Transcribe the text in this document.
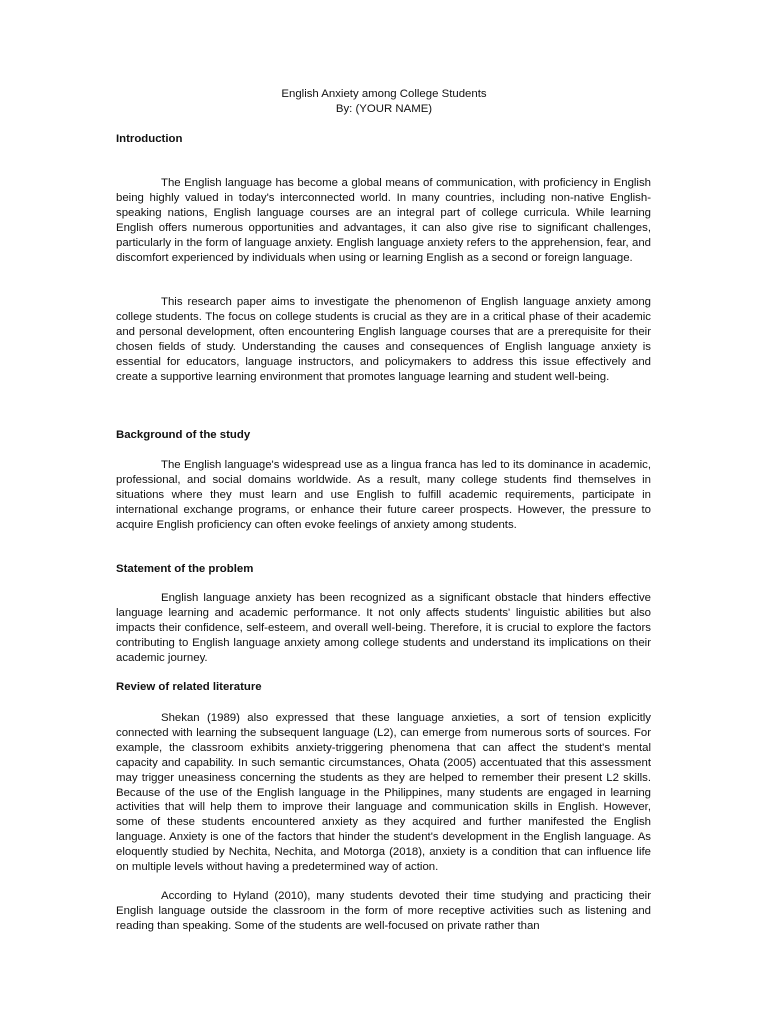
English Anxiety among College Students
By: (YOUR NAME)
Introduction

The English language has become a global means of communication, with proficiency in English being highly valued in today's interconnected world. In many countries, including non-native English-speaking nations, English language courses are an integral part of college curricula. While learning English offers numerous opportunities and advantages, it can also give rise to significant challenges, particularly in the form of language anxiety. English language anxiety refers to the apprehension, fear, and discomfort experienced by individuals when using or learning English as a second or foreign language.

This research paper aims to investigate the phenomenon of English language anxiety among college students. The focus on college students is crucial as they are in a critical phase of their academic and personal development, often encountering English language courses that are a prerequisite for their chosen fields of study. Understanding the causes and consequences of English language anxiety is essential for educators, language instructors, and policymakers to address this issue effectively and create a supportive learning environment that promotes language learning and student well-being.

Background of the study

The English language's widespread use as a lingua franca has led to its dominance in academic, professional, and social domains worldwide. As a result, many college students find themselves in situations where they must learn and use English to fulfill academic requirements, participate in international exchange programs, or enhance their future career prospects. However, the pressure to acquire English proficiency can often evoke feelings of anxiety among students.

Statement of the problem

English language anxiety has been recognized as a significant obstacle that hinders effective language learning and academic performance. It not only affects students' linguistic abilities but also impacts their confidence, self-esteem, and overall well-being. Therefore, it is crucial to explore the factors contributing to English language anxiety among college students and understand its implications on their academic journey.

Review of related literature

Shekan (1989) also expressed that these language anxieties, a sort of tension explicitly connected with learning the subsequent language (L2), can emerge from numerous sorts of sources. For example, the classroom exhibits anxiety-triggering phenomena that can affect the student's mental capacity and capability. In such semantic circumstances, Ohata (2005) accentuated that this assessment may trigger uneasiness concerning the students as they are helped to remember their present L2 skills. Because of the use of the English language in the Philippines, many students are engaged in learning activities that will help them to improve their language and communication skills in English. However, some of these students encountered anxiety as they acquired and further manifested the English language. Anxiety is one of the factors that hinder the student's development in the English language. As eloquently studied by Nechita, Nechita, and Motorga (2018), anxiety is a condition that can influence life on multiple levels without having a predetermined way of action.

According to Hyland (2010), many students devoted their time studying and practicing their English language outside the classroom in the form of more receptive activities such as listening and reading than speaking. Some of the students are well-focused on private rather than
